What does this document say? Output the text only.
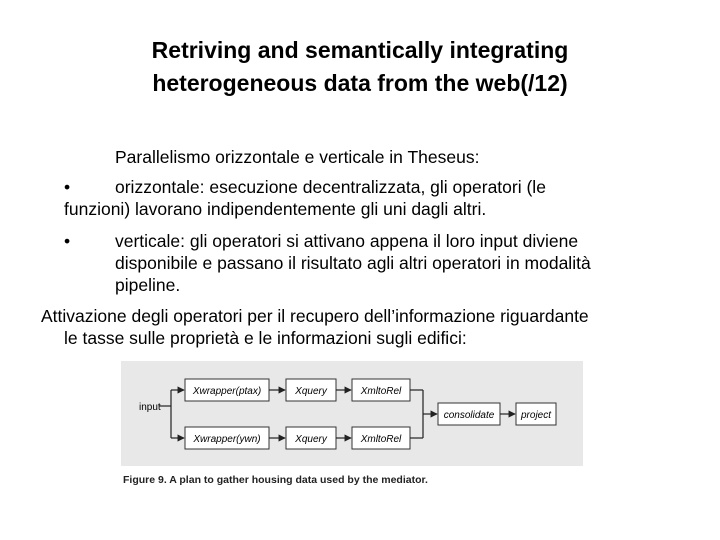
Retriving and semantically integrating
heterogeneous data from the web(/12)
Parallelismo orizzontale e verticale in Theseus:
•	orizzontale: esecuzione decentralizzata, gli operatori (le
funzioni) lavorano indipendentemente gli uni dagli altri.
•	verticale: gli operatori si attivano appena il loro input diviene
disponibile e passano il risultato agli altri operatori in modalità
pipeline.
Attivazione degli operatori per il recupero dell’informazione riguardante
le tasse sulle proprietà e le informazioni sugli edifici:
input
Xwrapper(ptax)	Xquery	XmltoRel
Xwrapper(ywn)	Xquery	XmltoRel
consolidate	project
Figure 9. A plan to gather housing data used by the mediator.
